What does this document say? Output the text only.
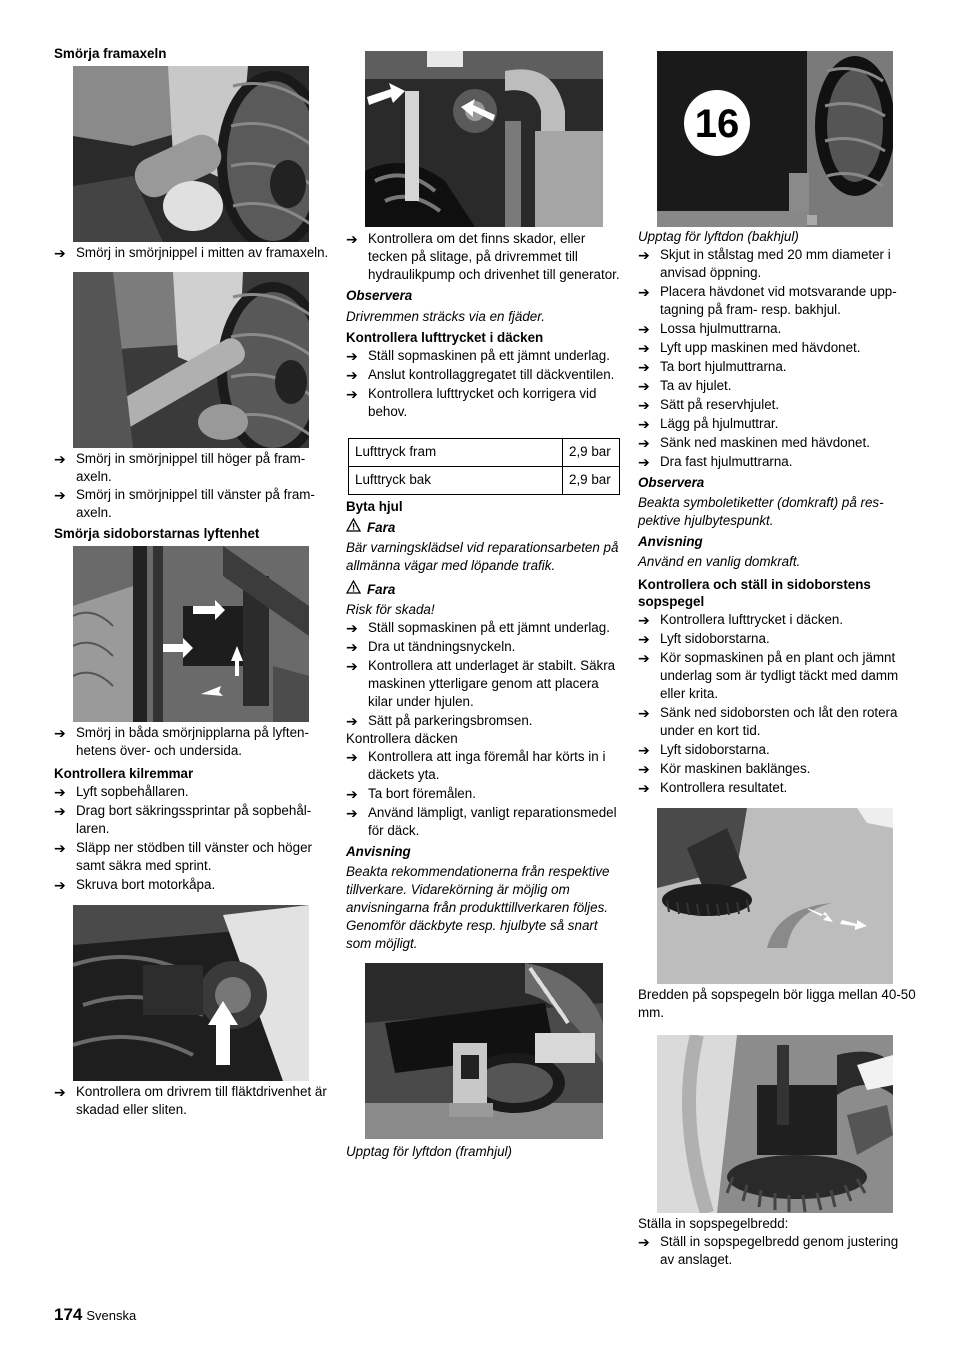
Smörja framaxeln

➔ Smörj in smörjnippel i mitten av framaxeln.
➔ Smörj in smörjnippel till höger på framaxeln.
➔ Smörj in smörjnippel till vänster på framaxeln.

Smörja sidoborstarnas lyftenhet

➔ Smörj in båda smörjnipplarna på lyftenhetens över- och undersida.

Kontrollera kilremmar

➔ Lyft sopbehållaren.
➔ Drag bort säkringssprintar på sopbehållaren.
➔ Släpp ner stödben till vänster och höger samt säkra med sprint.
➔ Skruva bort motorkåpa.
➔ Kontrollera om drivrem till fläktdrivenhet är skadad eller sliten.
➔ Kontrollera om det finns skador, eller tecken på slitage, på drivremmet till hydraulikpump och drivenhet till generator.

Observera

Drivremmen sträcks via en fjäder.

Kontrollera lufttrycket i däcken

➔ Ställ sopmaskinen på ett jämnt underlag.
➔ Anslut kontrollaggregatet till däckventilen.
➔ Kontrollera lufttrycket och korrigera vid behov.
Lufttryck fram	2,9 bar
Lufttryck bak	2,9 bar

Byta hjul

Fara

Bär varningsklädsel vid reparationsarbeten på allmänna vägar med löpande trafik.

Fara

Risk för skada!

➔ Ställ sopmaskinen på ett jämnt underlag.
➔ Dra ut tändningsnyckeln.
➔ Kontrollera att underlaget är stabilt. Säkra maskinen ytterligare genom att placera kilar under hjulen.
➔ Sätt på parkeringsbromsen.

Kontrollera däcken

➔ Kontrollera att inga föremål har körts in i däckets yta.
➔ Ta bort föremålen.
➔ Använd lämpligt, vanligt reparationsmedel för däck.

Anvisning

Beakta rekommendationerna från respektive tillverkare. Vidarekörning är möjlig om anvisningarna från produkttillverkaren följes. Genomför däckbyte resp. hjulbyte så snart som möjligt.

Upptag för lyftdon (framhjul)

16

Upptag för lyftdon (bakhjul)

➔ Skjut in stålstag med 20 mm diameter i anvisad öppning.
➔ Placera hävdonet vid motsvarande upptagning på fram- resp. bakhjul.
➔ Lossa hjulmuttrarna.
➔ Lyft upp maskinen med hävdonet.
➔ Ta bort hjulmuttrarna.
➔ Ta av hjulet.
➔ Sätt på reservhjulet.
➔ Lägg på hjulmuttrar.
➔ Sänk ned maskinen med hävdonet.
➔ Dra fast hjulmuttrarna.

Observera

Beakta symboletiketter (domkraft) på respektive hjulbytespunkt.

Anvisning

Använd en vanlig domkraft.

Kontrollera och ställ in sidoborstens sopspegel

➔ Kontrollera lufttrycket i däcken.
➔ Lyft sidoborstarna.
➔ Kör sopmaskinen på en plant och jämnt underlag som är tydligt täckt med damm eller krita.
➔ Sänk ned sidoborsten och låt den rotera under en kort tid.
➔ Lyft sidoborstarna.
➔ Kör maskinen baklänges.
➔ Kontrollera resultatet.

Bredden på sopspegeln bör ligga mellan 40-50 mm.

Ställa in sopspegelbredd:

➔ Ställ in sopspegelbredd genom justering av anslaget.
174 Svenska
